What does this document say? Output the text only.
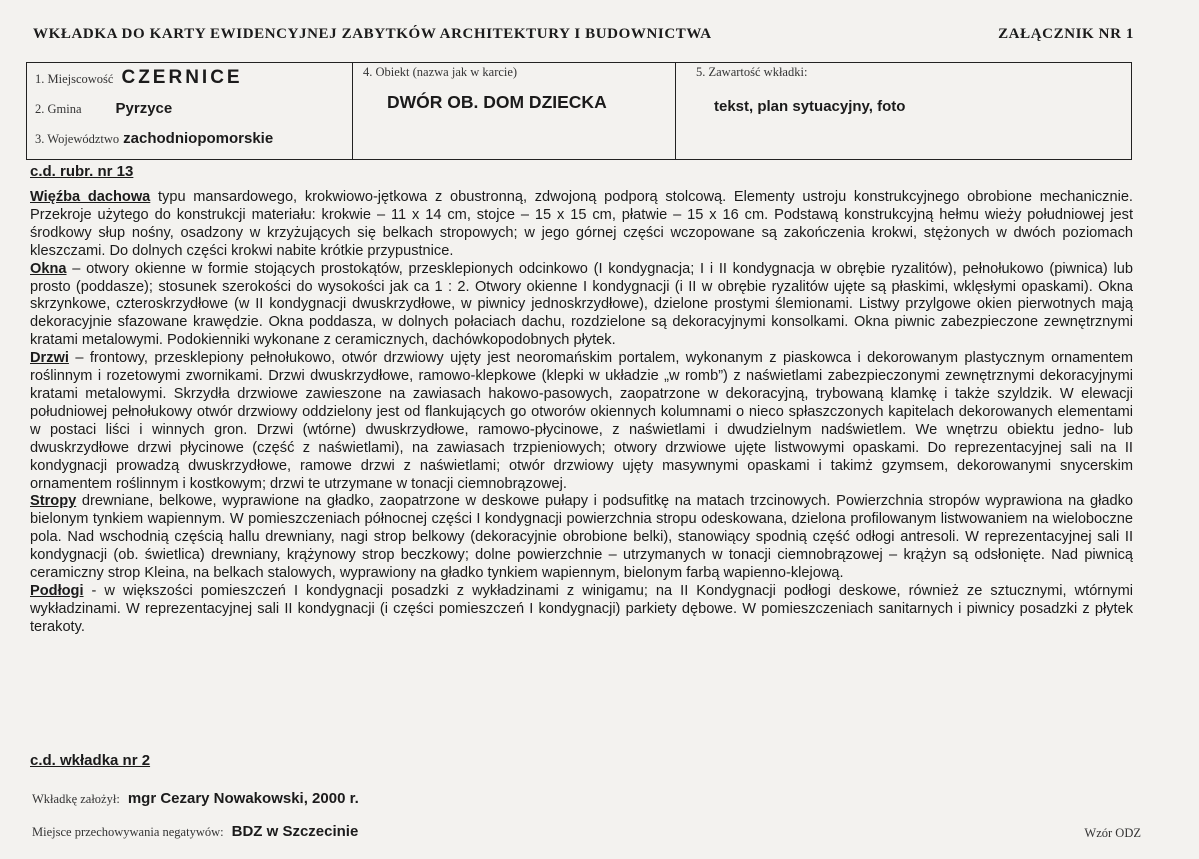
WKŁADKA DO KARTY EWIDENCYJNEJ ZABYTKÓW ARCHITEKTURY I BUDOWNICTWA	ZAŁĄCZNIK NR 1
1. Miejscowość CZERNICE
2. Gmina Pyrzyce
3. Województwo zachodniopomorskie
4. Obiekt (nazwa jak w karcie)
DWÓR OB. DOM DZIECKA
5. Zawartość wkładki:
tekst, plan sytuacyjny, foto
c.d. rubr. nr 13

Więźba dachowa typu mansardowego, krokwiowo-jętkowa z obustronną, zdwojoną podporą stolcową. Elementy ustroju konstrukcyjnego obrobione mechanicznie. Przekroje użytego do konstrukcji materiału: krokwie – 11 x 14 cm, stojce – 15 x 15 cm, płatwie – 15 x 16 cm. Podstawą konstrukcyjną hełmu wieży południowej jest środkowy słup nośny, osadzony w krzyżujących się belkach stropowych; w jego górnej części wczopowane są zakończenia krokwi, stężonych w dwóch poziomach kleszczami. Do dolnych części krokwi nabite krótkie przypustnice.

Okna – otwory okienne w formie stojących prostokątów, przesklepionych odcinkowo (I kondygnacja; I i II kondygnacja w obrębie ryzalitów), pełnołukowo (piwnica) lub prosto (poddasze); stosunek szerokości do wysokości jak ca 1 : 2. Otwory okienne I kondygnacji (i II w obrębie ryzalitów ujęte są płaskimi, wklęsłymi opaskami). Okna skrzynkowe, czteroskrzydłowe (w II kondygnacji dwuskrzydłowe, w piwnicy jednoskrzydłowe), dzielone prostymi ślemionami. Listwy przylgowe okien pierwotnych mają dekoracyjnie sfazowane krawędzie. Okna poddasza, w dolnych połaciach dachu, rozdzielone są dekoracyjnymi konsolkami. Okna piwnic zabezpieczone zewnętrznymi kratami metalowymi. Podokienniki wykonane z ceramicznych, dachówkopodobnych płytek.

Drzwi – frontowy, przesklepiony pełnołukowo, otwór drzwiowy ujęty jest neoromańskim portalem, wykonanym z piaskowca i dekorowanym plastycznym ornamentem roślinnym i rozetowymi zwornikami. Drzwi dwuskrzydłowe, ramowo-klepkowe (klepki w układzie „w romb”) z naświetlami zabezpieczonymi zewnętrznymi dekoracyjnymi kratami metalowymi. Skrzydła drzwiowe zawieszone na zawiasach hakowo-pasowych, zaopatrzone w dekoracyjną, trybowaną klamkę i także szyldzik. W elewacji południowej pełnołukowy otwór drzwiowy oddzielony jest od flankujących go otworów okiennych kolumnami o nieco spłaszczonych kapitelach dekorowanych elementami w postaci liści i winnych gron. Drzwi (wtórne) dwuskrzydłowe, ramowo-płycinowe, z naświetlami i dwudzielnym nadświetlem. We wnętrzu obiektu jedno- lub dwuskrzydłowe drzwi płycinowe (część z naświetlami), na zawiasach trzpieniowych; otwory drzwiowe ujęte listwowymi opaskami. Do reprezentacyjnej sali na II kondygnacji prowadzą dwuskrzydłowe, ramowe drzwi z naświetlami; otwór drzwiowy ujęty masywnymi opaskami i takimż gzymsem, dekorowanymi snycerskim ornamentem roślinnym i kostkowym; drzwi te utrzymane w tonacji ciemnobrązowej.

Stropy drewniane, belkowe, wyprawione na gładko, zaopatrzone w deskowe pułapy i podsufitkę na matach trzcinowych. Powierzchnia stropów wyprawiona na gładko bielonym tynkiem wapiennym. W pomieszczeniach północnej części I kondygnacji powierzchnia stropu odeskowana, dzielona profilowanym listwowaniem na wieloboczne pola. Nad wschodnią częścią hallu drewniany, nagi strop belkowy (dekoracyjnie obrobione belki), stanowiący spodnią część odłogi antresoli. W reprezentacyjnej sali II kondygnacji (ob. świetlica) drewniany, krążynowy strop beczkowy; dolne powierzchnie – utrzymanych w tonacji ciemnobrązowej – krążyn są odsłonięte. Nad piwnicą ceramiczny strop Kleina, na belkach stalowych, wyprawiony na gładko tynkiem wapiennym, bielonym farbą wapienno-klejową.

Podłogi - w większości pomieszczeń I kondygnacji posadzki z wykładzinami z winigamu; na II Kondygnacji podłogi deskowe, również ze sztucznymi, wtórnymi wykładzinami. W reprezentacyjnej sali II kondygnacji (i części pomieszczeń I kondygnacji) parkiety dębowe. W pomieszczeniach sanitarnych i piwnicy posadzki z płytek terakoty.

c.d. wkładka nr 2
Wkładkę założył: mgr Cezary Nowakowski, 2000 r.
Miejsce przechowywania negatywów: BDZ w Szczecinie	Wzór ODZ
